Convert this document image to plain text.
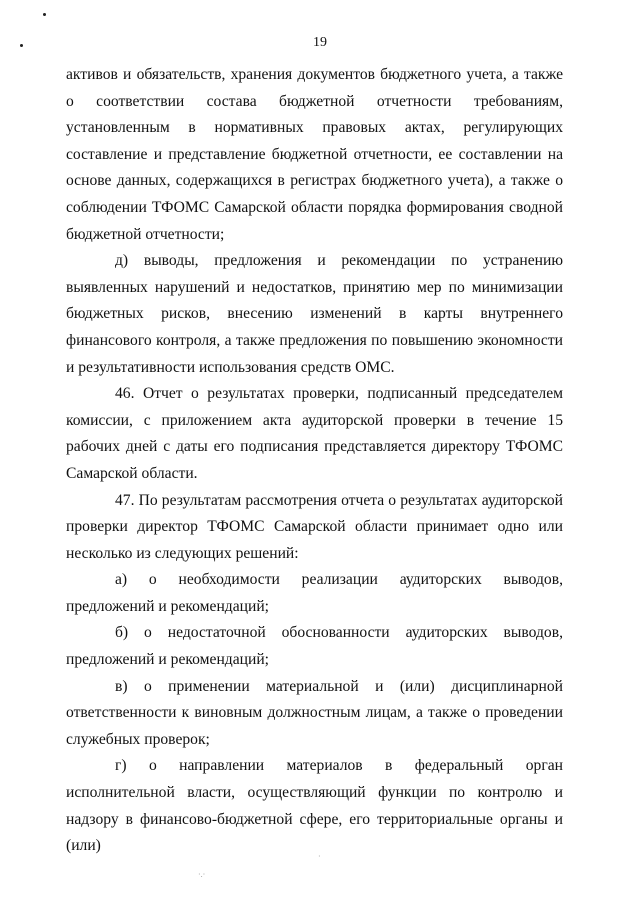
19

активов и обязательств, хранения документов бюджетного учета, а также о соответствии состава бюджетной отчетности требованиям, установленным в нормативных правовых актах, регулирующих составление и представление бюджетной отчетности, ее составлении на основе данных, содержащихся в регистрах бюджетного учета), а также о соблюдении ТФОМС Самарской области порядка формирования сводной бюджетной отчетности;

д) выводы, предложения и рекомендации по устранению выявленных нарушений и недостатков, принятию мер по минимизации бюджетных рисков, внесению изменений в карты внутреннего финансового контроля, а также предложения по повышению экономности и результативности использования средств ОМС.

46. Отчет о результатах проверки, подписанный председателем комиссии, с приложением акта аудиторской проверки в течение 15 рабочих дней с даты его подписания представляется директору ТФОМС Самарской области.

47. По результатам рассмотрения отчета о результатах аудиторской проверки директор ТФОМС Самарской области принимает одно или несколько из следующих решений:

а) о необходимости реализации аудиторских выводов, предложений и рекомендаций;

б) о недостаточной обоснованности аудиторских выводов, предложений и рекомендаций;

в) о применении материальной и (или) дисциплинарной ответственности к виновным должностным лицам, а также о проведении служебных проверок;

г) о направлении материалов в федеральный орган исполнительной власти, осуществляющий функции по контролю и надзору в финансово-бюджетной сфере, его территориальные органы и (или)

·.·
·
